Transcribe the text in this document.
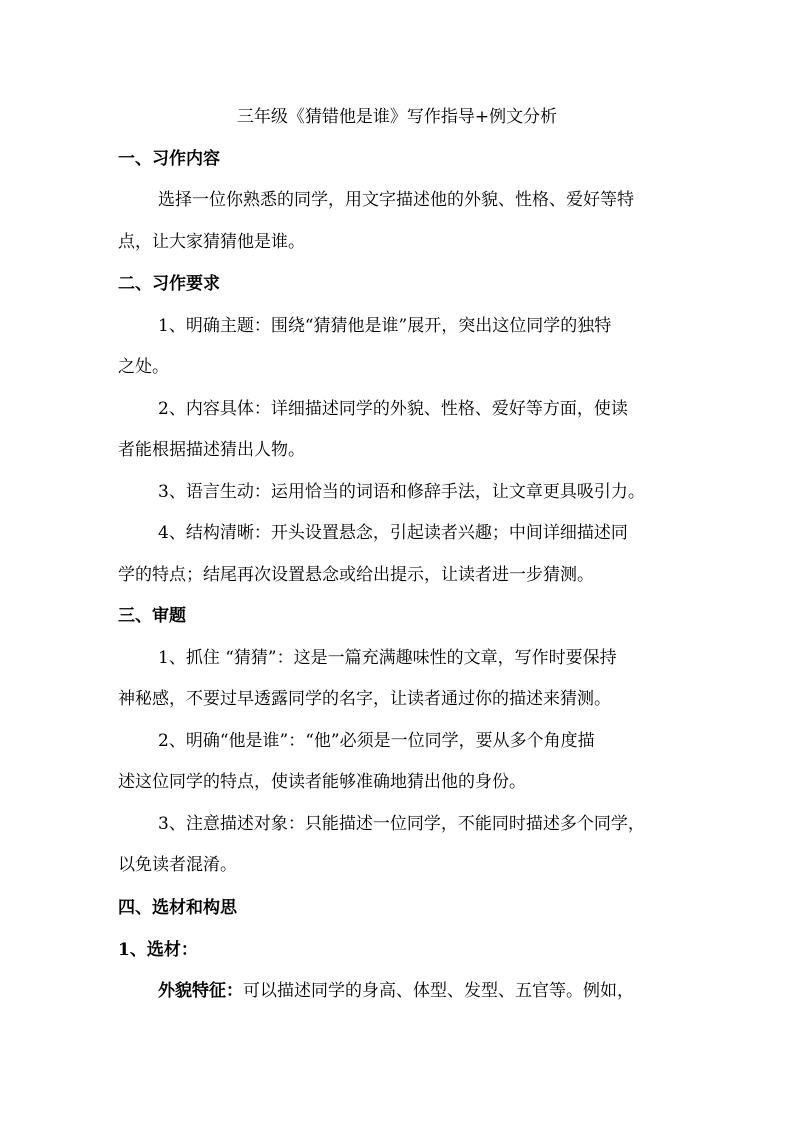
三年级《猜错他是谁》写作指导+例文分析
一、习作内容
选择一位你熟悉的同学，用文字描述他的外貌、性格、爱好等特
点，让大家猜猜他是谁。
二、习作要求
1、明确主题：围绕“猜猜他是谁”展开，突出这位同学的独特
之处。
2、内容具体：详细描述同学的外貌、性格、爱好等方面，使读
者能根据描述猜出人物。
3、语言生动：运用恰当的词语和修辞手法，让文章更具吸引力。
4、结构清晰：开头设置悬念，引起读者兴趣；中间详细描述同
学的特点；结尾再次设置悬念或给出提示，让读者进一步猜测。
三、审题
1、抓住 “猜猜”：这是一篇充满趣味性的文章，写作时要保持
神秘感，不要过早透露同学的名字，让读者通过你的描述来猜测。
2、明确“他是谁”：“他”必须是一位同学，要从多个角度描
述这位同学的特点，使读者能够准确地猜出他的身份。
3、注意描述对象：只能描述一位同学，不能同时描述多个同学，
以免读者混淆。
四、选材和构思
1、选材：
外貌特征：可以描述同学的身高、体型、发型、五官等。例如，
